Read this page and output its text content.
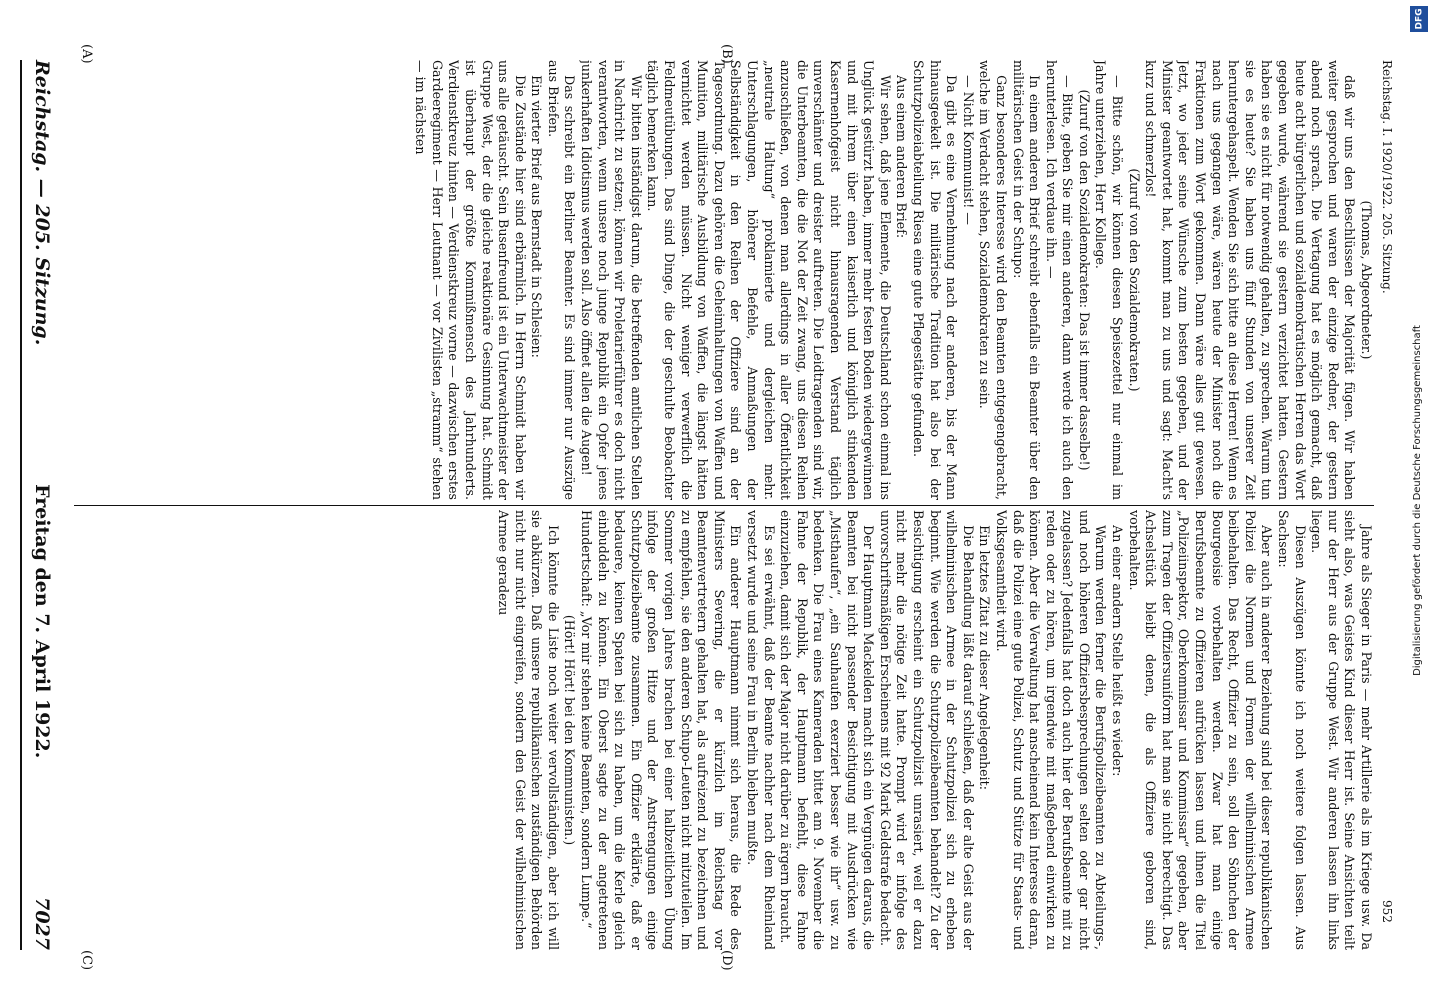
DFG
Digitalisierung gefördert durch die Deutsche Forschungsgemeinschaft
Reichstag. — 205. Sitzung.
Freitag den 7. April 1922.
7027

(Thomas, Abgeordneter.)

daß wir uns den Beschlüssen der Majorität fügen. Wir haben weiter gesprochen und waren der einzige Redner, der gestern abend noch sprach. Die Vertagung hat es möglich gemacht, daß heute acht bürgerlichen und sozialdemokratischen Herren das Wort gegeben wurde, während sie gestern verzichtet hatten. Gestern haben sie es nicht für notwendig gehalten, zu sprechen. Warum tun sie es heute? Sie haben uns fünf Stunden von unserer Zeit heruntergehaspelt. Wenden Sie sich bitte an diese Herren! Wenn es nach uns gegangen wäre, wären heute der Minister noch die Fraktionen zum Wort gekommen. Dann wäre alles gut gewesen. Jetzt, wo jeder seine Wünsche zum besten gegeben, und der Minister geantwortet hat, kommt man zu uns und sagt: Macht's kurz und schmerzlos!

(Zuruf von den Sozialdemokraten.)

— Bitte schön, wir können diesen Speisezettel nur einmal im Jahre unterziehen, Herr Kollege.

(Zuruf von den Sozialdemokraten: Das ist immer dasselbe!)

— Bitte, geben Sie mir einen anderen, dann werde ich auch den herunterlesen. Ich verdaue ihn. —

In einem anderen Brief schreibt ebenfalls ein Beamter über den militärischen Geist in der Schupo:

Ganz besonderes Interesse wird den Beamten entgegengebracht, welche im Verdacht stehen, Sozialdemokraten zu sein.

— Nicht Kommunist! —

Da gibt es eine Vernehmung nach der anderen, bis der Mann hinausgeekelt ist. Die militärische Tradition hat also bei der Schutzpolizeiabteilung Riesa eine gute Pflegestätte gefunden.

Aus einem anderen Brief:

Wir sehen, daß jene Elemente, die Deutschland schon einmal ins Unglück gestürzt haben, immer mehr festen Boden wiedergewinnen und mit ihrem über einen kaiserlich und königlich stinkenden Kasernenhofgeist nicht hinausragenden Verstand täglich unverschämter und dreister auftreten. Die Leidtragenden sind wir, die Unterbeamten, die die Not der Zeit zwang, uns diesen Reihen anzuschließen, von denen man allerdings in aller Öffentlichkeit „neutrale Haltung“ proklamierte und dergleichen mehr. Unterschlagungen, höherer Befehle, Anmaßungen der Selbständigkeit in den Reihen der Offiziere sind an der Tagesordnung. Dazu gehören die Geheimhaltungen von Waffen und Munition, militärische Ausbildung von Waffen, die längst hätten vernichtet werden müssen. Nicht weniger verwerflich die Feldmeutübungen. Das sind Dinge, die der geschulte Beobachter täglich bemerken kann.

Wir bitten inständigst darum, die betreffenden amtlichen Stellen in Nachricht zu setzen; können wir Proletarierführer es doch nicht verantworten, wenn unsere noch junge Republik ein Opfer jenes junkerhaften Idiotismus werden soll. Also öffnet allen die Augen!

Das schreibt ein Berliner Beamter. Es sind immer nur Auszüge aus Briefen.

Ein vierter Brief aus Bernstadt in Schlesien:

Die Zustände hier sind erbärmlich. In Herrn Schmidt haben wir uns alle getäuscht. Sein Busenfreund ist ein Unterwachtmeister der Gruppe West, der die gleiche reaktionäre Gesinnung hat. Schmidt ist überhaupt der größte Kommißmensch des Jahrhunderts. Verdienstkreuz hinten — Verdienstkreuz vorne — dazwischen erstes Gardeeregiment — Herr Leutnant — vor Zivilisten „stramm“ stehen — im nächsten

Jahre als Sieger in Paris — mehr Artillerie als im Kriege usw. Da sieht also, was Geistes Kind dieser Herr ist. Seine Ansichten teilt nur der Herr aus der Gruppe West. Wir anderen lassen ihn links liegen.

Diesen Auszügen könnte ich noch weitere folgen lassen. Aus Sachsen:

Aber auch in anderer Beziehung sind bei dieser republikanischen Polizei die Normen und Formen der wilhelminischen Armee beibehalten. Das Recht, Offizier zu sein, soll den Söhnchen der Bourgeoisie vorbehalten werden. Zwar hat man einige Berufsbeamte zu Offizieren aufrücken lassen und ihnen die Titel „Polizeiinspektor, Oberkommissar und Kommissar“ gegeben, aber zum Tragen der Offiziersuniform hat man sie nicht berechtigt. Das Achselstück bleibt denen, die als Offiziere geboren sind, vorbehalten.

An einer andern Stelle heißt es wieder:

Warum werden ferner die Berufspolizeibeamten zu Abteilungs-, und noch höheren Offiziersbesprechungen selten oder gar nicht zugelassen? Jedenfalls hat doch auch hier der Berufsbeamte mit zu reden oder zu hören, um irgendwie mit maßgebend einwirken zu können. Aber die Verwaltung hat anscheinend kein Interesse daran, daß die Polizei eine gute Polizei, Schutz und Stütze für Staats- und Volksgesamtheit wird.

Ein letztes Zitat zu dieser Angelegenheit:

Die Behandlung läßt darauf schließen, daß der alte Geist aus der wilhelminischen Armee in der Schutzpolizei sich zu erheben beginnt. Wie werden die Schutzpolizeibeamten behandelt? Zu der Besichtigung erscheint ein Schutzpolizist unrasiert, weil er dazu nicht mehr die nötige Zeit hatte. Prompt wird er infolge des unvorschriftsmäßigen Erscheinens mit 92 Mark Geldstrafe bedacht.

Der Hauptmann Mackelden macht sich ein Vergnügen daraus, die Beamten bei nicht passender Besichtigung mit Ausdrücken wie „Misthaufen“, „ein Sauhaufen exerziert besser wie ihr“ usw. zu bedenken. Die Frau eines Kameraden bittet am 9. November die Fahne der Republik, der Hauptmann befiehlt, diese Fahne einzuziehen, damit sich der Major nicht darüber zu ärgern braucht.

Es sei erwähnt, daß der Beamte nachher nach dem Rheinland versetzt wurde und seine Frau in Berlin bleiben mußte.

Ein anderer Hauptmann nimmt sich heraus, die Rede des Ministers Severing, die er kürzlich im Reichstag vor Beamtenvertretern gehalten hat, als aufreizend zu bezeichnen und zu empfehlen, sie den anderen Schupo-Leuten nicht mitzuteilen. Im Sommer vorigen Jahres brachen bei einer halbzeitlichen Übung infolge der großen Hitze und der Anstrengungen einige Schutzpolizeibeamte zusammen. Ein Offizier erklärte, daß er bedauere, keinen Spaten bei sich zu haben, um die Kerle gleich einbuddeln zu können. Ein Oberst sagte zu der angetretenen Hundertschaft: „Vor mir stehen keine Beamten, sondern Lumpe.“

(Hört! Hört! bei den Kommunisten.)

Ich könnte die Liste noch weiter vervollständigen, aber ich will sie abkürzen. Daß unsere republikanischen zuständigen Behörden nicht nur nicht eingreifen, sondern den Geist der wilhelminischen Armee geradezu

(A)	(B)
(C)	(D)
Reichstag. I. 1920/1922. 205. Sitzung.
952
